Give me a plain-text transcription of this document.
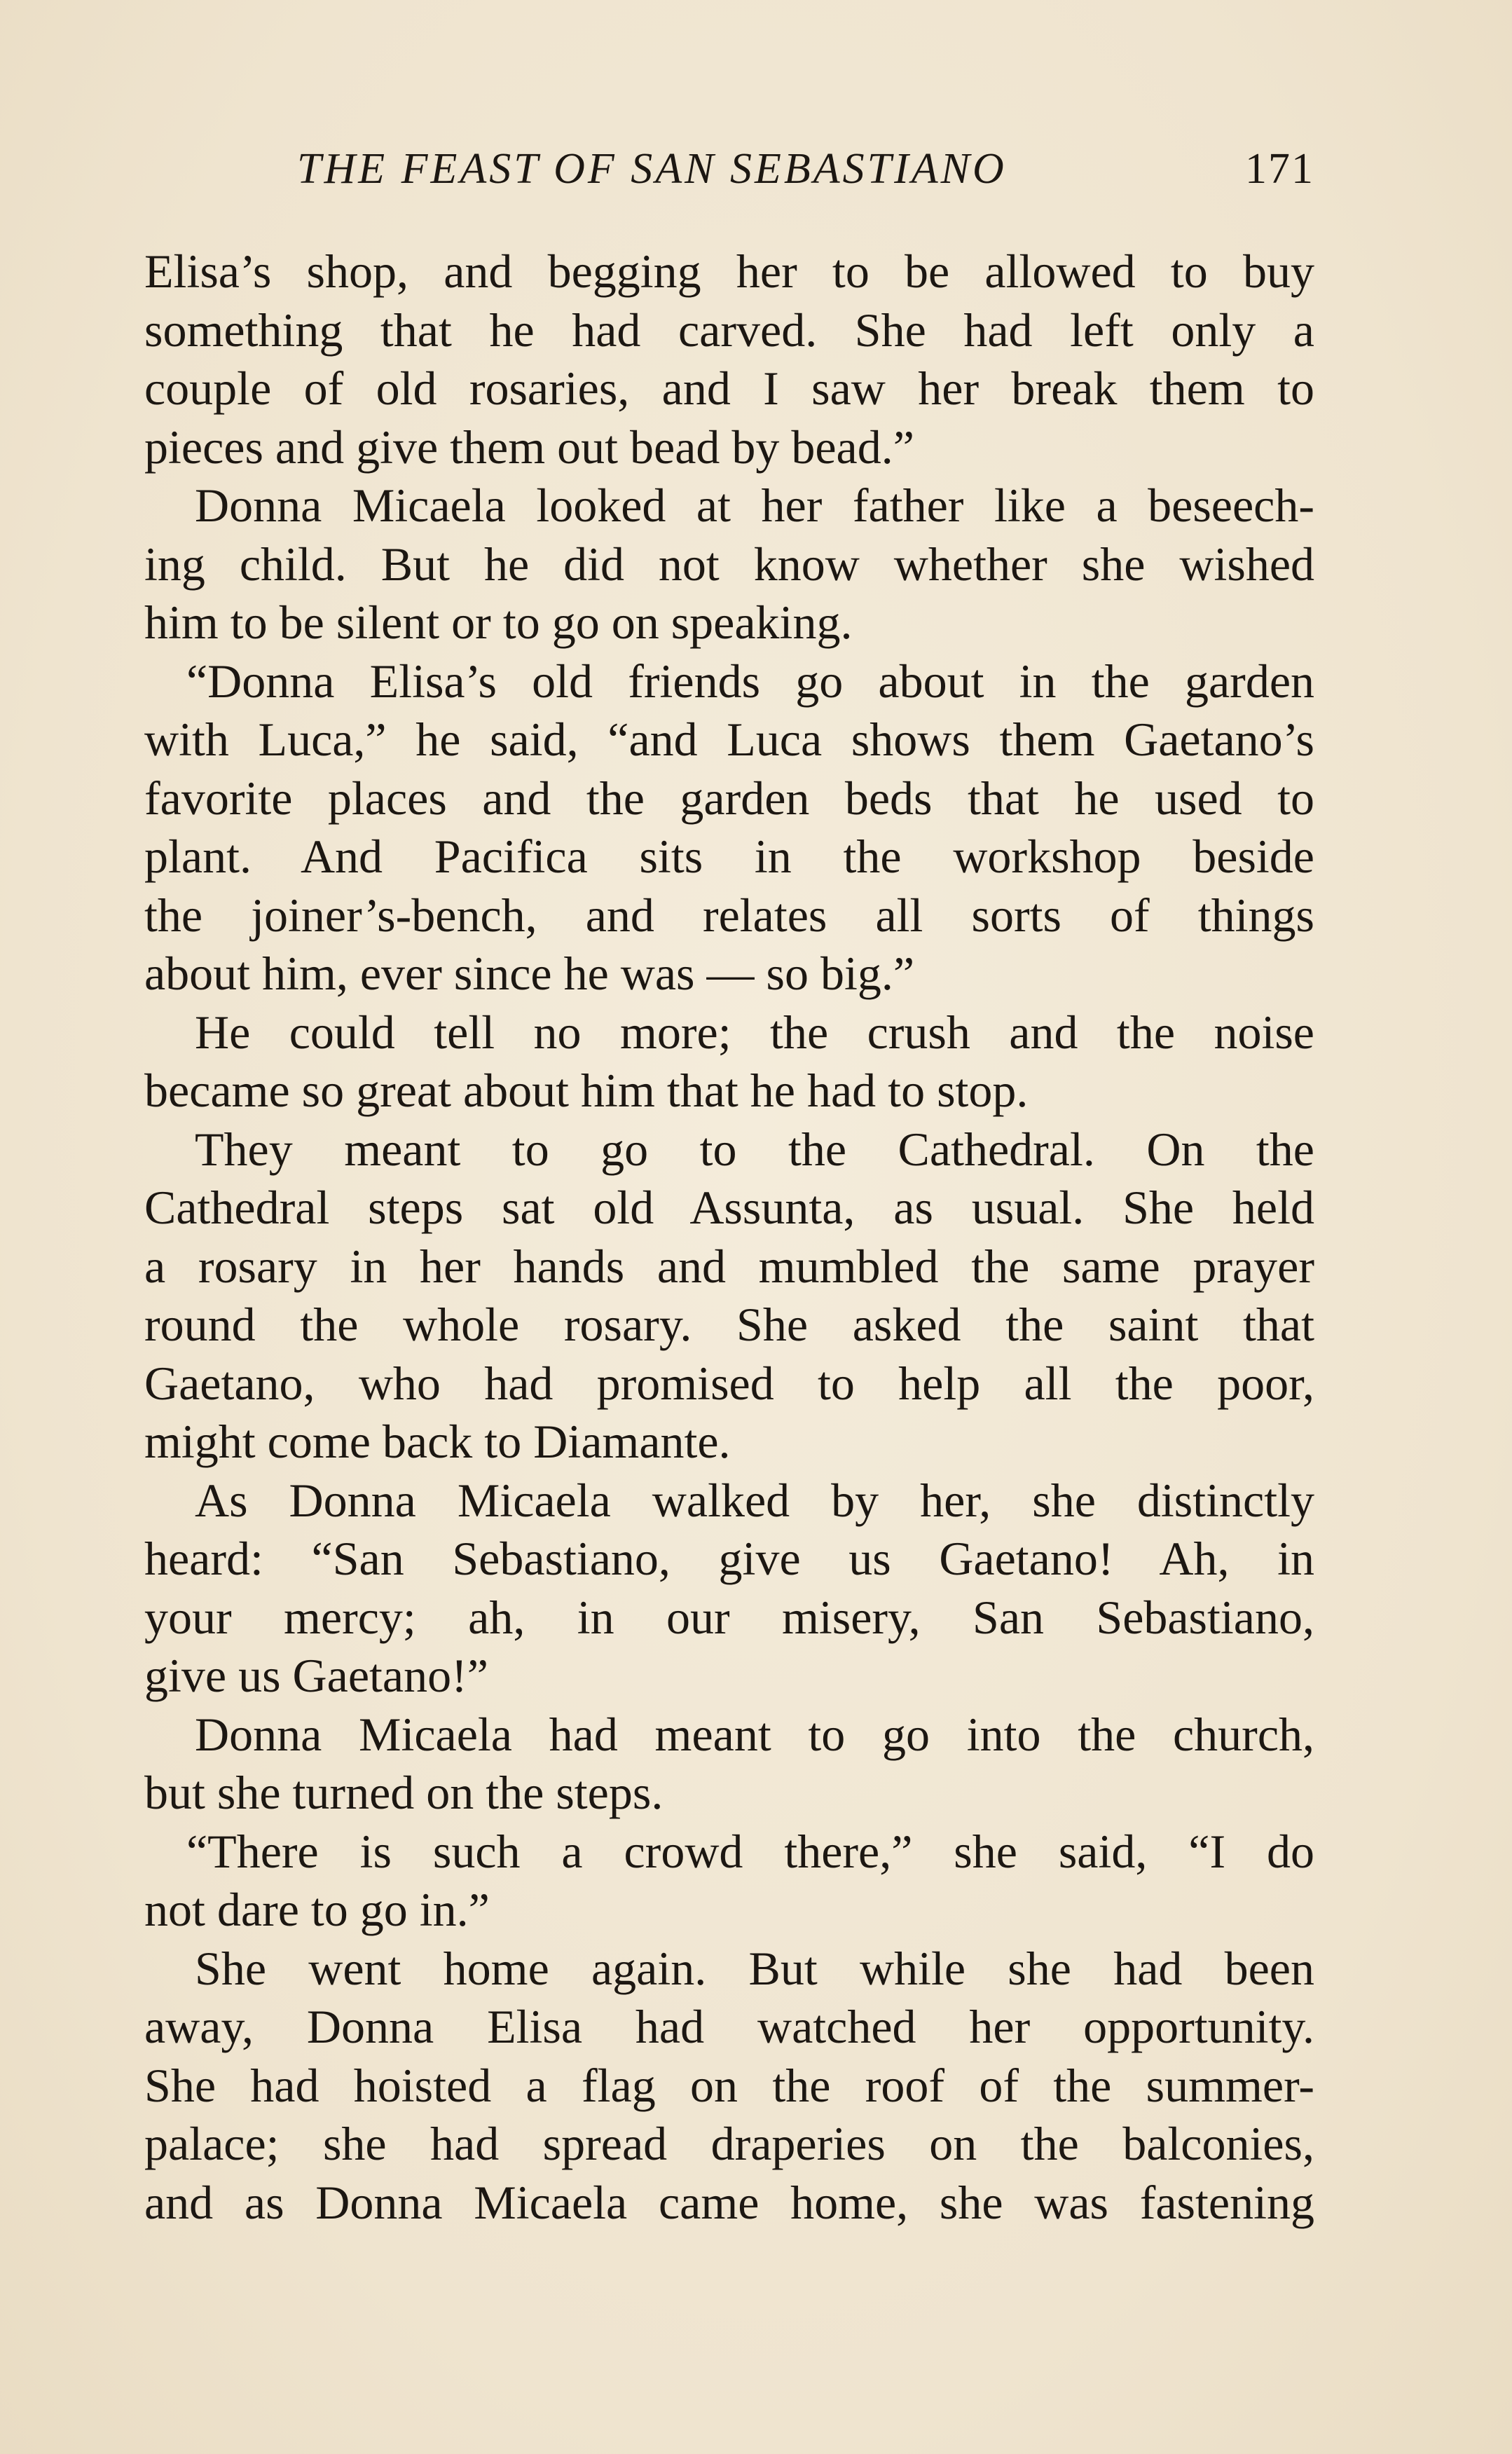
THE FEAST OF SAN SEBASTIANO	171
Elisa’s shop, and begging her to be allowed to buy
something that he had carved. She had left only a
couple of old rosaries, and I saw her break them to
pieces and give them out bead by bead.”
Donna Micaela looked at her father like a beseech-
ing child. But he did not know whether she wished
him to be silent or to go on speaking.
“Donna Elisa’s old friends go about in the garden
with Luca,” he said, “and Luca shows them Gaetano’s
favorite places and the garden beds that he used to
plant. And Pacifica sits in the workshop beside
the joiner’s-bench, and relates all sorts of things
about him, ever since he was — so big.”
He could tell no more; the crush and the noise
became so great about him that he had to stop.
They meant to go to the Cathedral. On the
Cathedral steps sat old Assunta, as usual. She held
a rosary in her hands and mumbled the same prayer
round the whole rosary. She asked the saint that
Gaetano, who had promised to help all the poor,
might come back to Diamante.
As Donna Micaela walked by her, she distinctly
heard: “San Sebastiano, give us Gaetano! Ah, in
your mercy; ah, in our misery, San Sebastiano,
give us Gaetano!”
Donna Micaela had meant to go into the church,
but she turned on the steps.
“There is such a crowd there,” she said, “I do
not dare to go in.”
She went home again. But while she had been
away, Donna Elisa had watched her opportunity.
She had hoisted a flag on the roof of the summer-
palace; she had spread draperies on the balconies,
and as Donna Micaela came home, she was fastening
